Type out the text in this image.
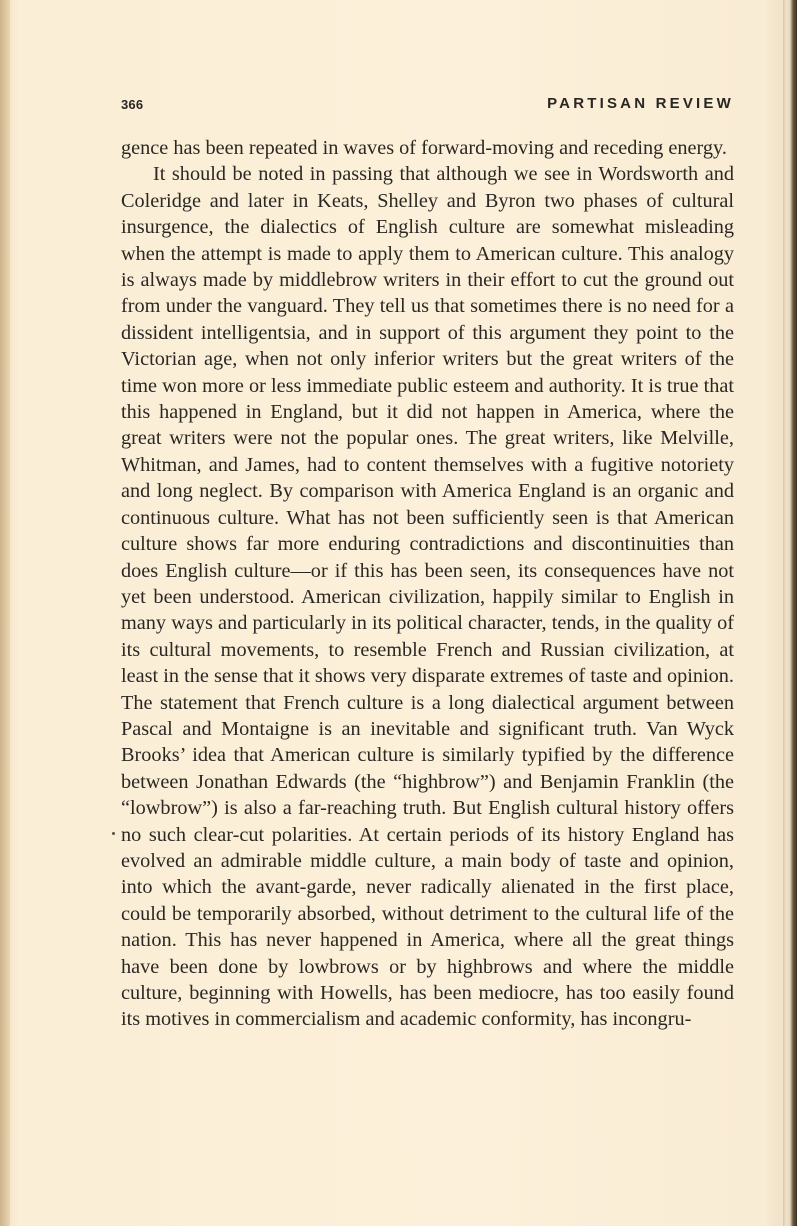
366	PARTISAN REVIEW

gence has been repeated in waves of forward-moving and receding energy.

It should be noted in passing that although we see in Wordsworth and Coleridge and later in Keats, Shelley and Byron two phases of cultural insurgence, the dialectics of English culture are somewhat misleading when the attempt is made to apply them to American culture. This analogy is always made by middlebrow writers in their effort to cut the ground out from under the vanguard. They tell us that sometimes there is no need for a dissident intelligentsia, and in support of this argument they point to the Victorian age, when not only inferior writers but the great writers of the time won more or less immediate public esteem and authority. It is true that this happened in England, but it did not happen in America, where the great writers were not the popular ones. The great writers, like Melville, Whitman, and James, had to content themselves with a fugitive notoriety and long neglect. By comparison with America England is an organic and continuous culture. What has not been sufficiently seen is that American culture shows far more enduring contradictions and discontinuities than does English culture—or if this has been seen, its consequences have not yet been understood. American civilization, happily similar to English in many ways and particularly in its political character, tends, in the quality of its cultural movements, to resemble French and Russian civilization, at least in the sense that it shows very disparate extremes of taste and opinion. The statement that French culture is a long dialectical argument between Pascal and Montaigne is an inevitable and significant truth. Van Wyck Brooks’ idea that American culture is similarly typified by the difference between Jonathan Edwards (the “highbrow”) and Benjamin Franklin (the “lowbrow”) is also a far-reaching truth. But English cultural history offers no such clear-cut polarities. At certain periods of its history England has evolved an admirable middle culture, a main body of taste and opinion, into which the avant-garde, never radically alienated in the first place, could be temporarily absorbed, without detriment to the cultural life of the nation. This has never happened in America, where all the great things have been done by lowbrows or by highbrows and where the middle culture, beginning with Howells, has been mediocre, has too easily found its motives in commercialism and academic conformity, has incongru-
